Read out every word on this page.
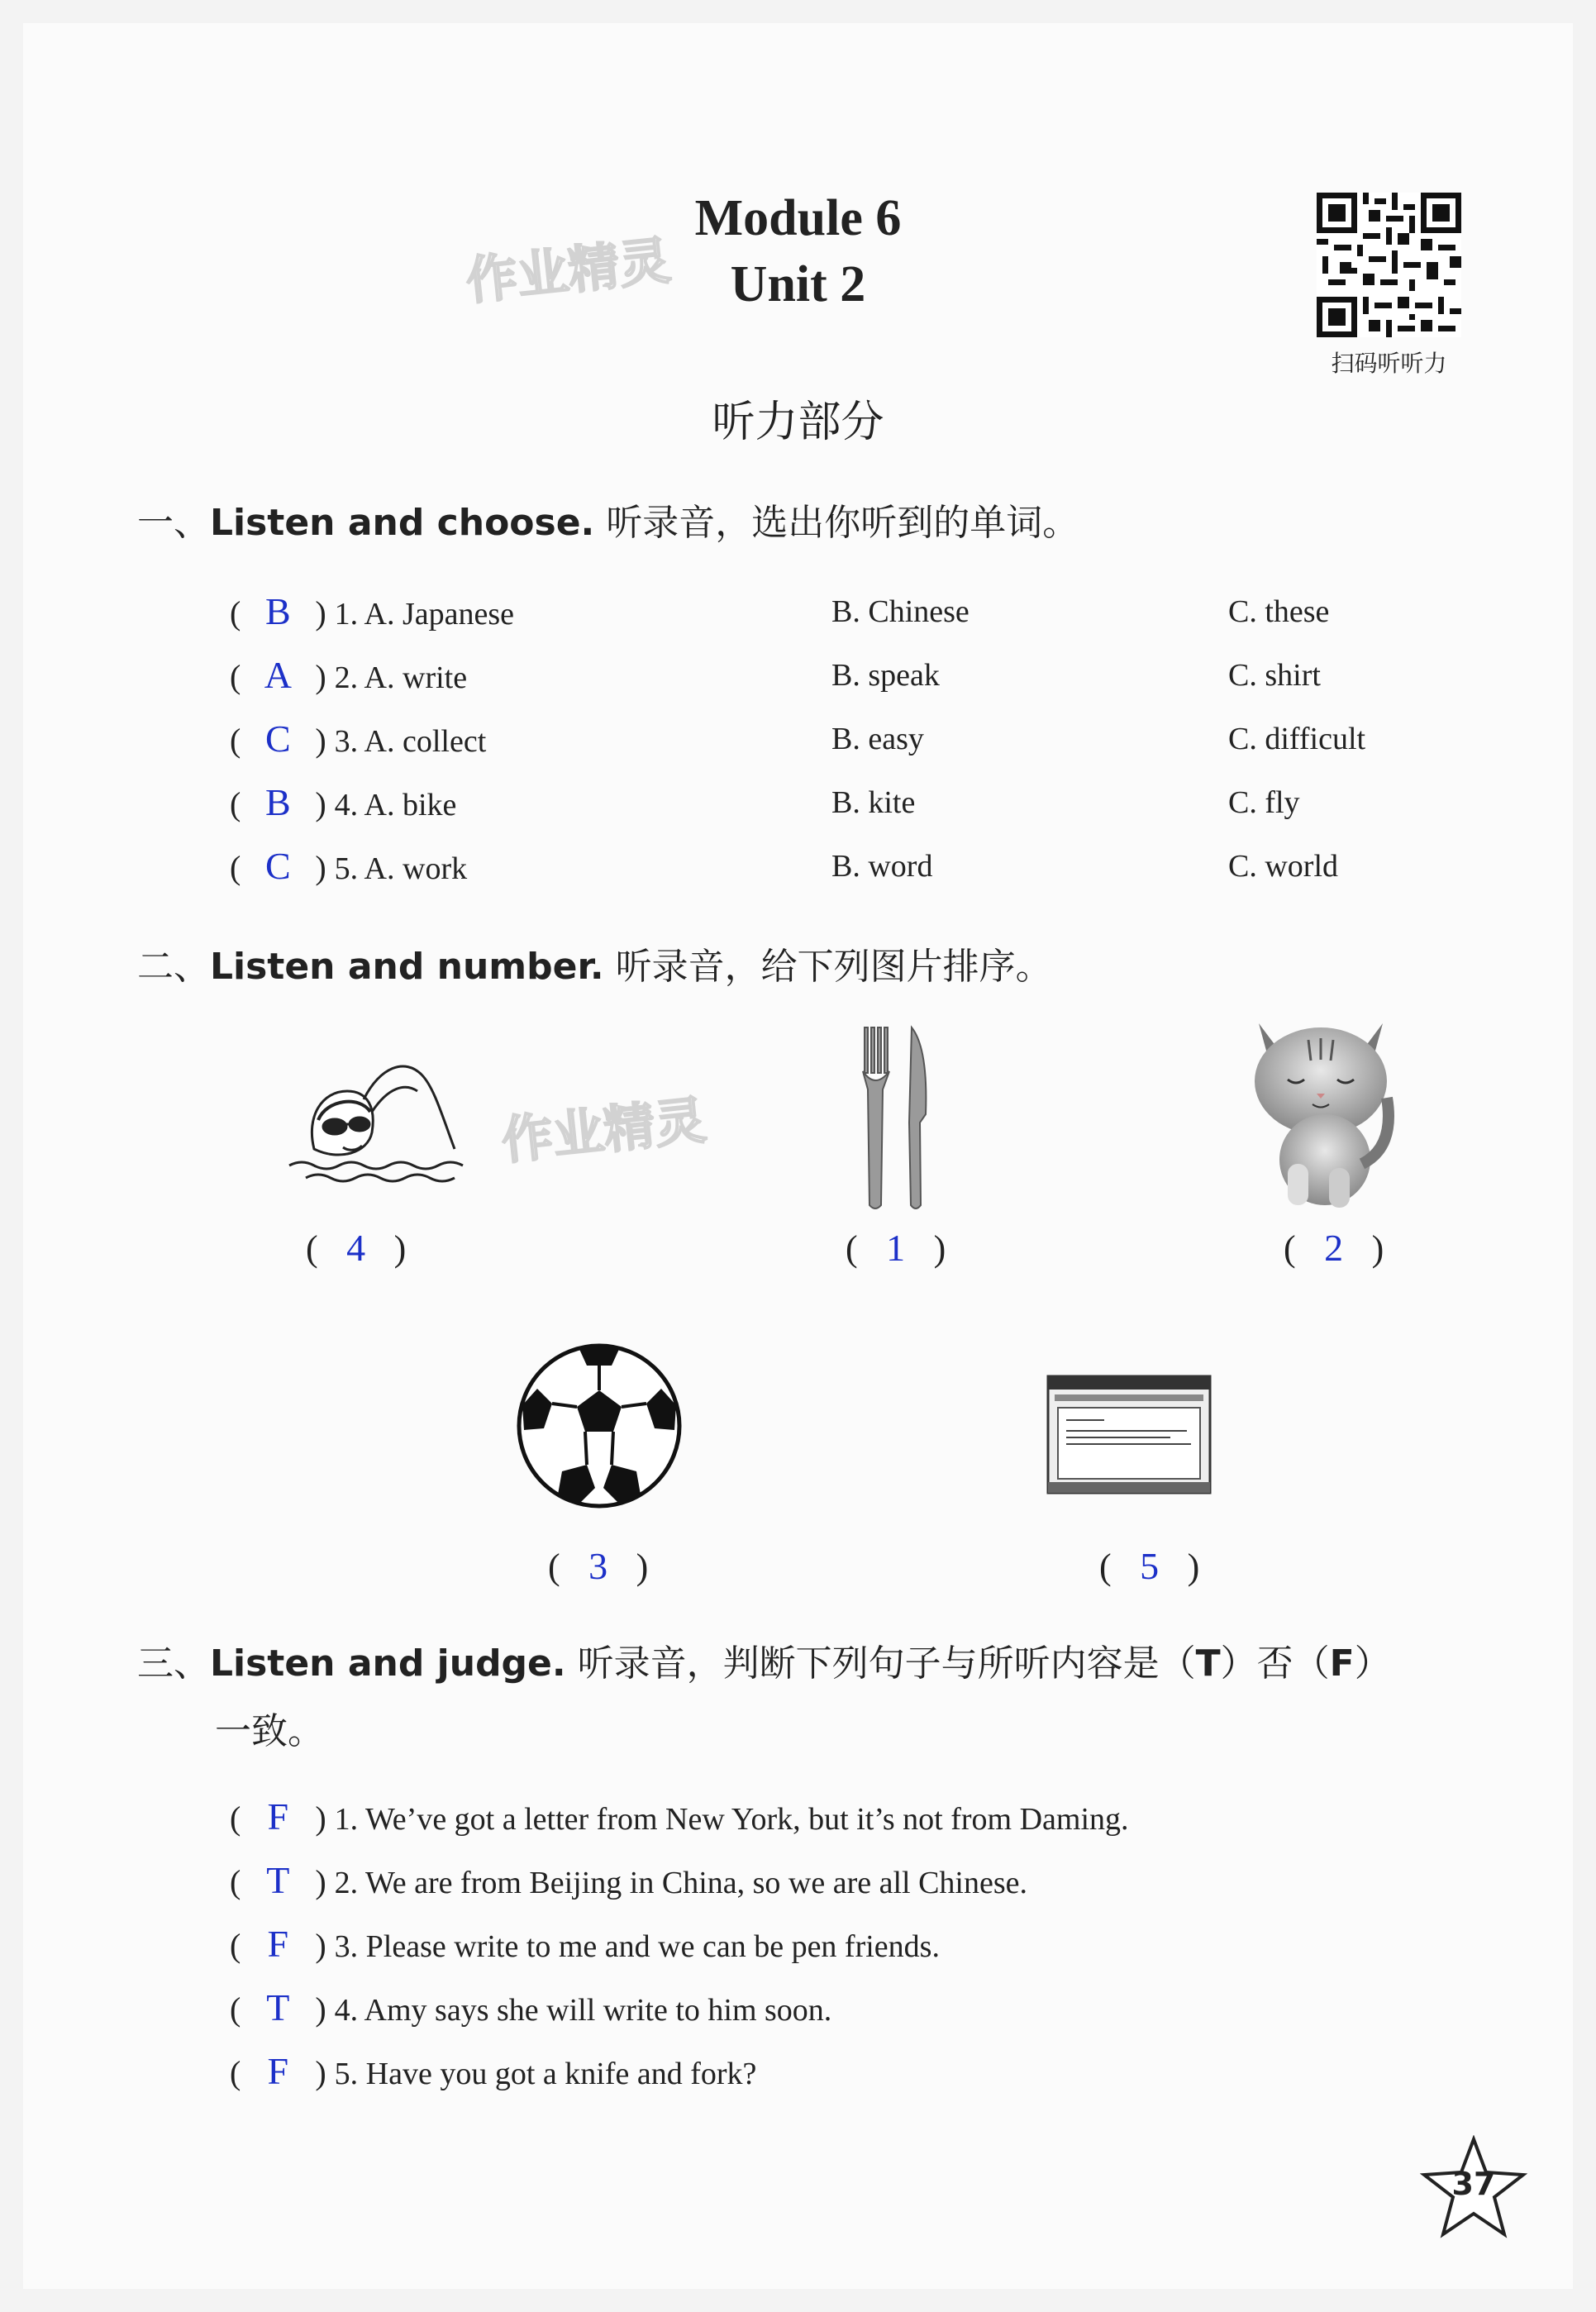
作业精灵
作业精灵
Module 6
Unit 2
扫码听听力
听力部分
一、Listen and choose. 听录音，选出你听到的单词。
( B ) 1. A. Japanese	B. Chinese	C. these
( A ) 2. A. write	B. speak	C. shirt
( C ) 3. A. collect	B. easy	C. difficult
( B ) 4. A. bike	B. kite	C. fly
( C ) 5. A. work	B. word	C. world
二、Listen and number. 听录音，给下列图片排序。
( 4 )	( 1 )	( 2 )
( 3 )	( 5 )
三、Listen and judge. 听录音，判断下列句子与所听内容是（T）否（F）
一致。
( F ) 1. We’ve got a letter from New York, but it’s not from Daming.
( T ) 2. We are from Beijing in China, so we are all Chinese.
( F ) 3. Please write to me and we can be pen friends.
( T ) 4. Amy says she will write to him soon.
( F ) 5. Have you got a knife and fork?
37
